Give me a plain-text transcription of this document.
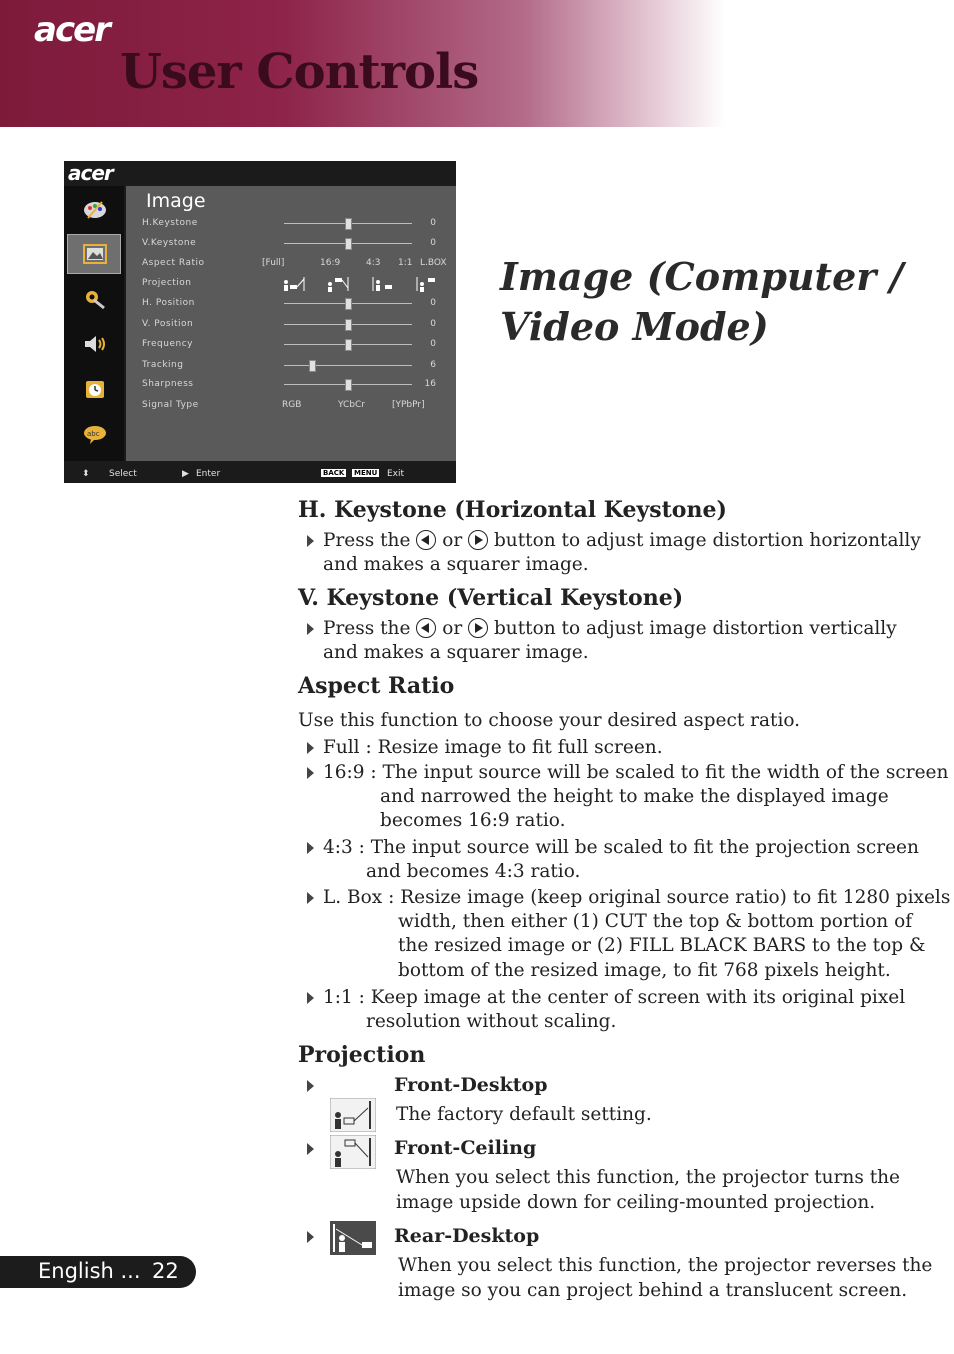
acer
User Controls
acer
abc
Image
H.Keystone	0
V.Keystone	0
Aspect Ratio	[Full]	16:9	4:3 1:1 L.BOX
Projection
H. Position	0
V. Position	0
Frequency	0
Tracking	6
Sharpness	16
Signal Type	RGB	YCbCr	[YPbPr]
⬍ Select	▶ Enter	BACK MENU Exit
Image (Computer / Video Mode)
H. Keystone (Horizontal Keystone)
Press the or button to adjust image distortion horizontally
and makes a squarer image.
V. Keystone (Vertical Keystone)
Press the or button to adjust image distortion vertically
and makes a squarer image.
Aspect Ratio
Use this function to choose your desired aspect ratio.
Full : Resize image to fit full screen.
16:9 : The input source will be scaled to fit the width of the screen
and narrowed the height to make the displayed image
becomes 16:9 ratio.
4:3 : The input source will be scaled to fit the projection screen
and becomes 4:3 ratio.
L. Box : Resize image (keep original source ratio) to fit 1280 pixels
width, then either (1) CUT the top & bottom portion of
the resized image or (2) FILL BLACK BARS to the top &
bottom of the resized image, to fit 768 pixels height.
1:1 : Keep image at the center of screen with its original pixel
resolution without scaling.
Projection
Front-Desktop
The factory default setting.
Front-Ceiling
When you select this function, the projector turns the
image upside down for ceiling-mounted projection.
Rear-Desktop
When you select this function, the projector reverses the
image so you can project behind a translucent screen.
English ... 22
